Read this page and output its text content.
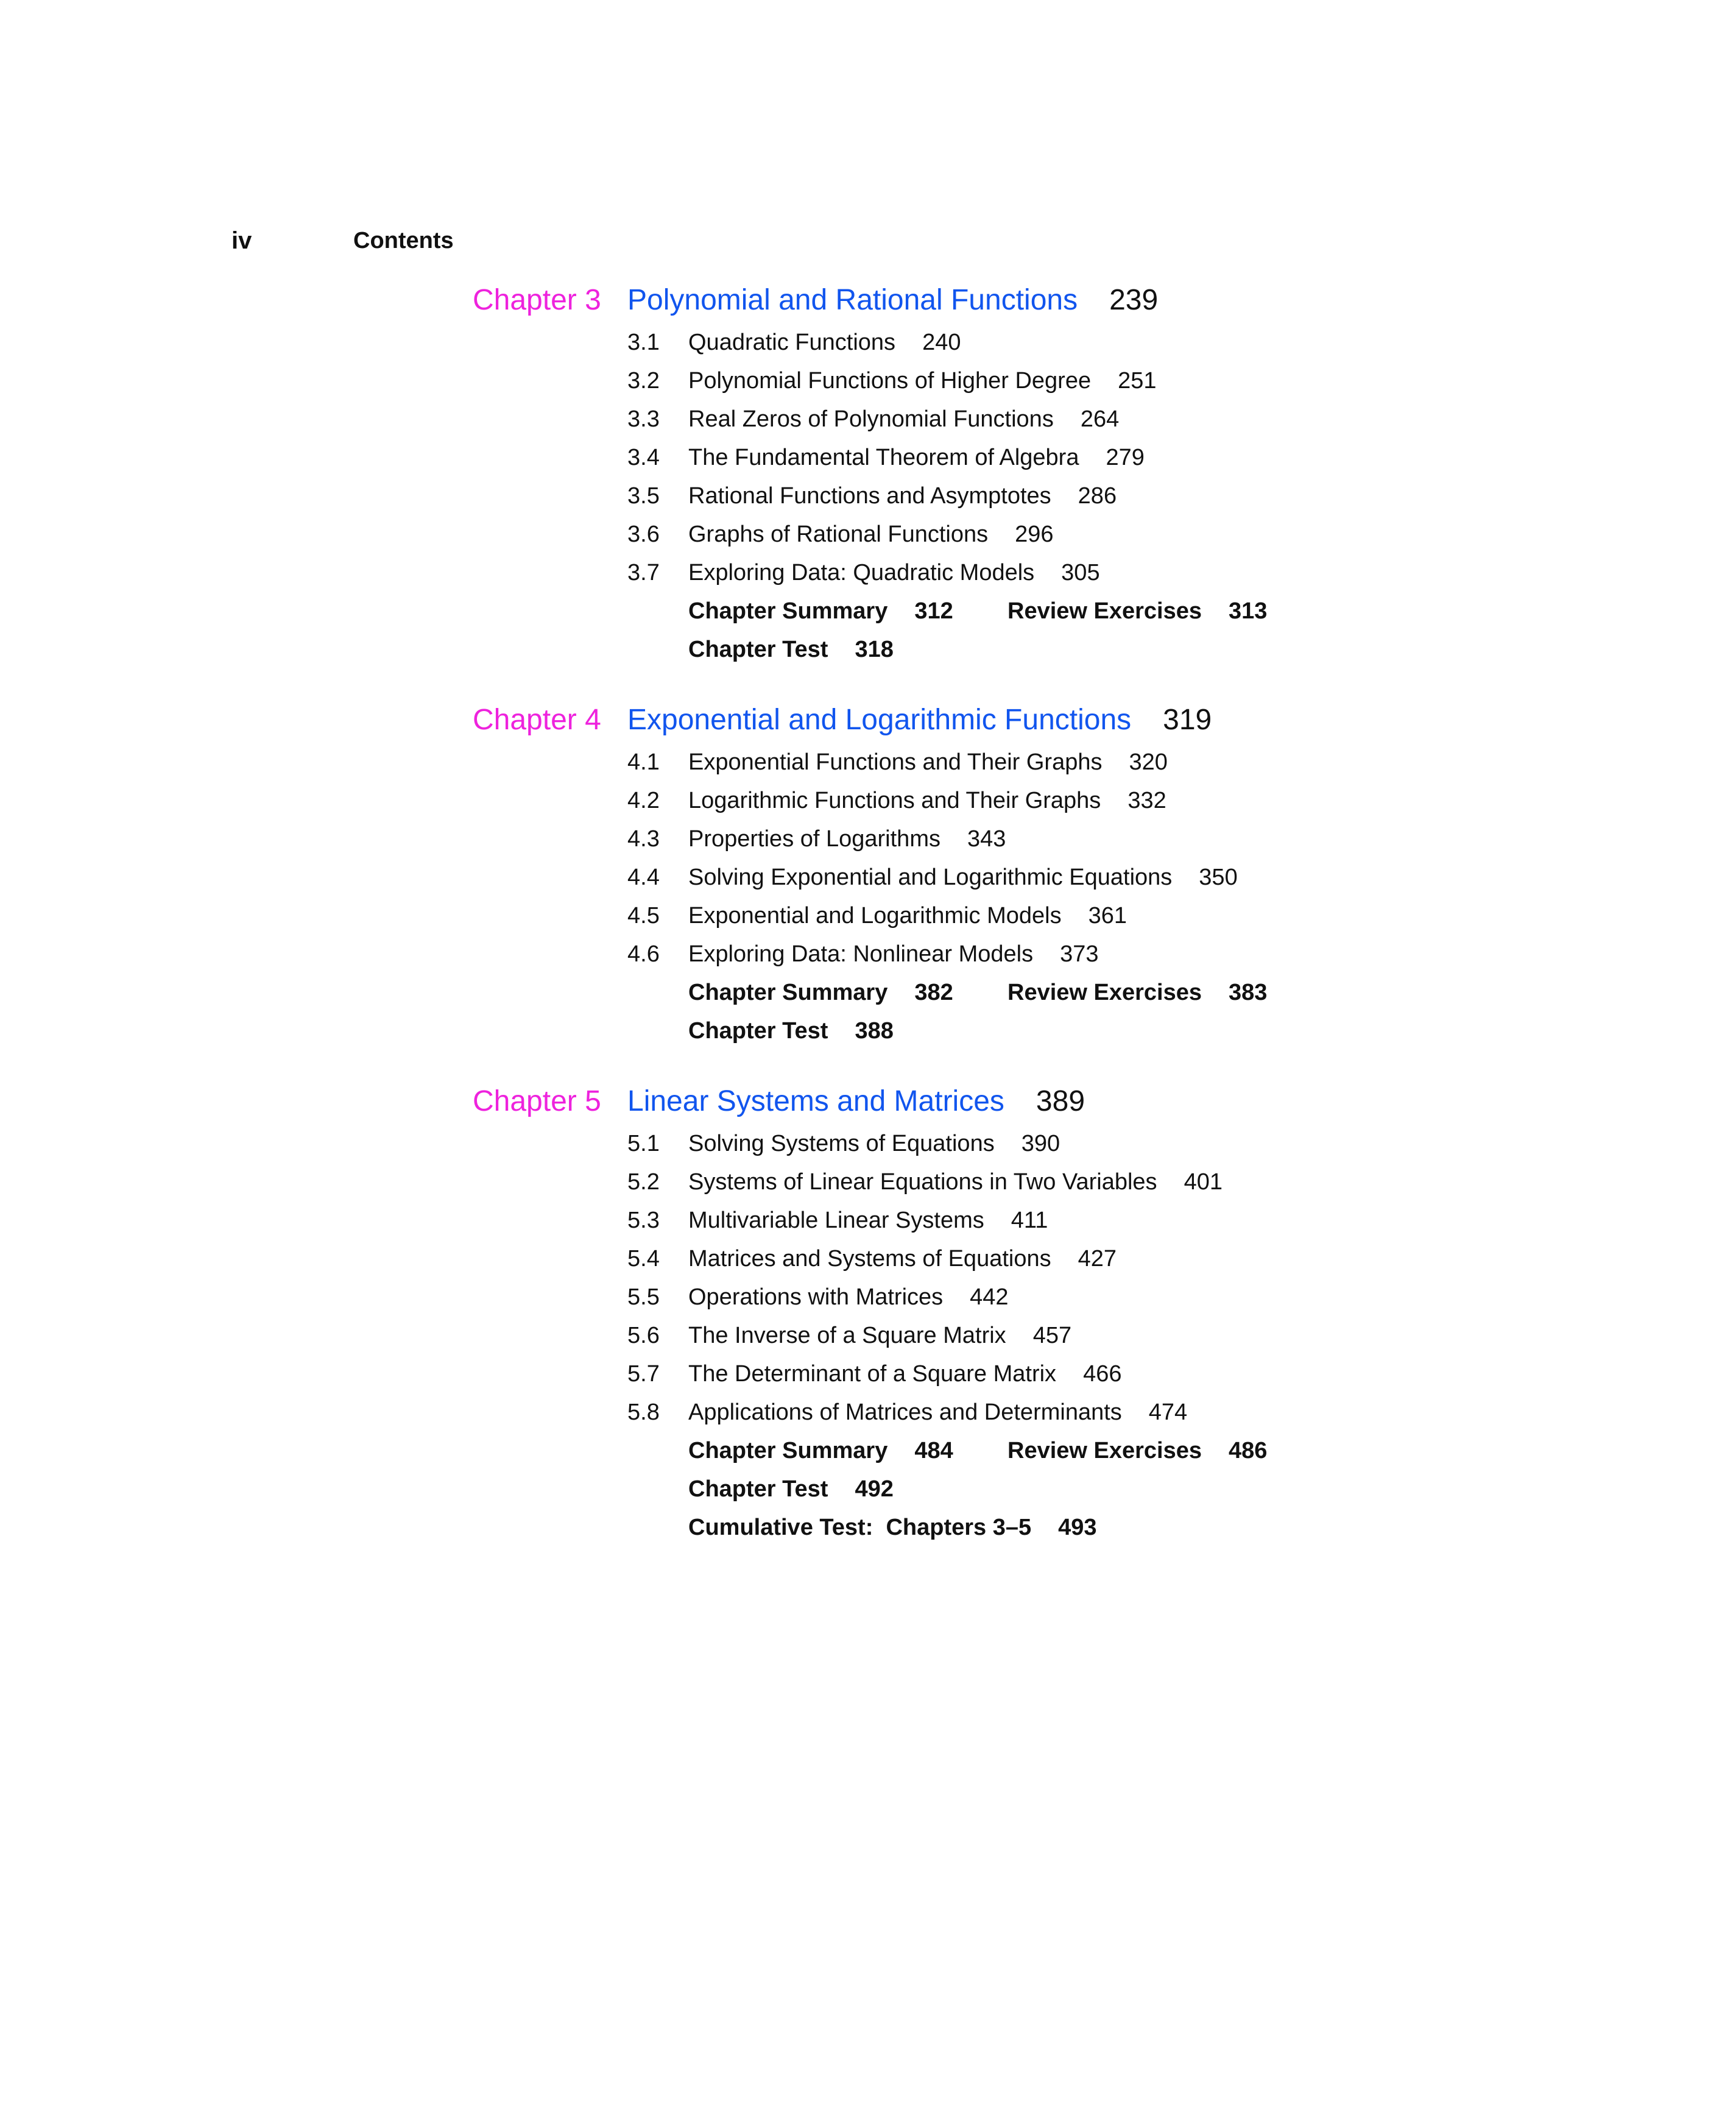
iv	Contents
Chapter 3 Polynomial and Rational Functions 239
3.1 Quadratic Functions 240
3.2 Polynomial Functions of Higher Degree 251
3.3 Real Zeros of Polynomial Functions 264
3.4 The Fundamental Theorem of Algebra 279
3.5 Rational Functions and Asymptotes 286
3.6 Graphs of Rational Functions 296
3.7 Exploring Data: Quadratic Models 305
Chapter Summary 312 Review Exercises 313
Chapter Test 318
Chapter 4 Exponential and Logarithmic Functions 319
4.1 Exponential Functions and Their Graphs 320
4.2 Logarithmic Functions and Their Graphs 332
4.3 Properties of Logarithms 343
4.4 Solving Exponential and Logarithmic Equations 350
4.5 Exponential and Logarithmic Models 361
4.6 Exploring Data: Nonlinear Models 373
Chapter Summary 382 Review Exercises 383
Chapter Test 388
Chapter 5 Linear Systems and Matrices 389
5.1 Solving Systems of Equations 390
5.2 Systems of Linear Equations in Two Variables 401
5.3 Multivariable Linear Systems 411
5.4 Matrices and Systems of Equations 427
5.5 Operations with Matrices 442
5.6 The Inverse of a Square Matrix 457
5.7 The Determinant of a Square Matrix 466
5.8 Applications of Matrices and Determinants 474
Chapter Summary 484 Review Exercises 486
Chapter Test 492
Cumulative Test:  Chapters 3–5 493
